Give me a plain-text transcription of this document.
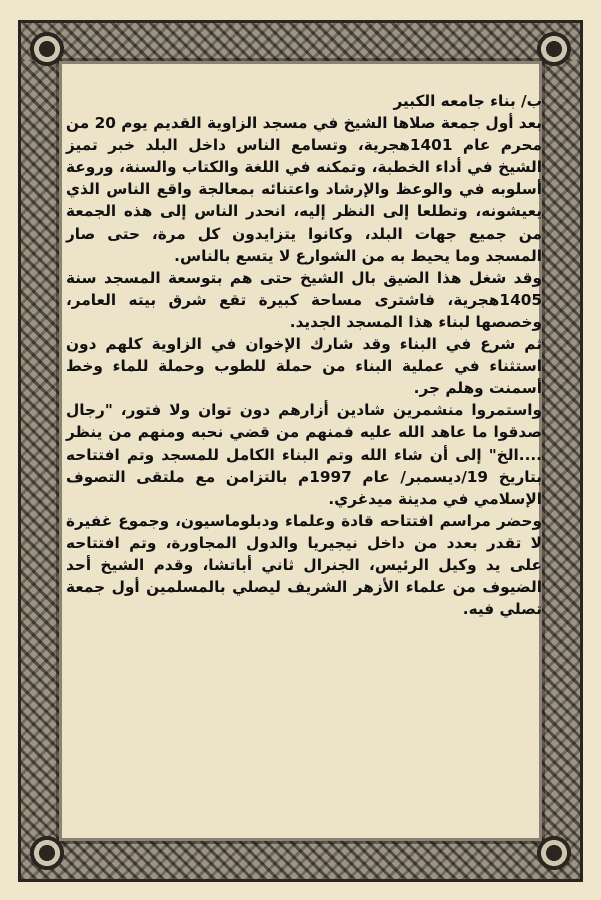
ب/ بناء جامعه الكبير

بعد أول جمعة صلاها الشيخ في مسجد الزاوية القديم يوم 20 من محرم عام 1401هجرية، وتسامع الناس داخل البلد خبر تميز الشيخ في أداء الخطبة، وتمكنه في اللغة والكتاب والسنة، وروعة أسلوبه في والوعظ والإرشاد واعتنائه بمعالجة واقع الناس الذي يعيشونه، وتطلعا إلى النظر إليه، انحدر الناس إلى هذه الجمعة من جميع جهات البلد، وكانوا يتزايدون كل مرة، حتى صار المسجد وما يحيط به من الشوارع لا يتسع بالناس.

وقد شغل هذا الضيق بال الشيخ حتى هم بتوسعة المسجد سنة 1405هجرية، فاشترى مساحة كبيرة تقع شرق بيته العامر، وخصصها لبناء هذا المسجد الجديد.

ثم شرع في البناء وقد شارك الإخوان في الزاوية كلهم دون استثناء في عملية البناء من حملة للطوب وحملة للماء وخط أسمنت وهلم جر.

واستمروا منشمرين شادين أزارهم دون توان ولا فتور، "رجال صدقوا ما عاهد الله عليه فمنهم من قضي نحبه ومنهم من ينظر ....الخ" إلى أن شاء الله وتم البناء الكامل للمسجد وتم افتتاحه بتاريخ 19/ديسمبر/ عام 1997م بالتزامن مع ملتقى التصوف الإسلامي في مدينة ميدغري.

وحضر مراسم افتتاحه قادة وعلماء ودبلوماسيون، وجموع غفيرة لا تقدر بعدد من داخل نيجيريا والدول المجاورة، وتم افتتاحه على يد وكيل الرئيس، الجنرال ثاني أباتشا، وقدم الشيخ أحد الضيوف من علماء الأزهر الشريف ليصلي بالمسلمين أول جمعة تصلي فيه.
